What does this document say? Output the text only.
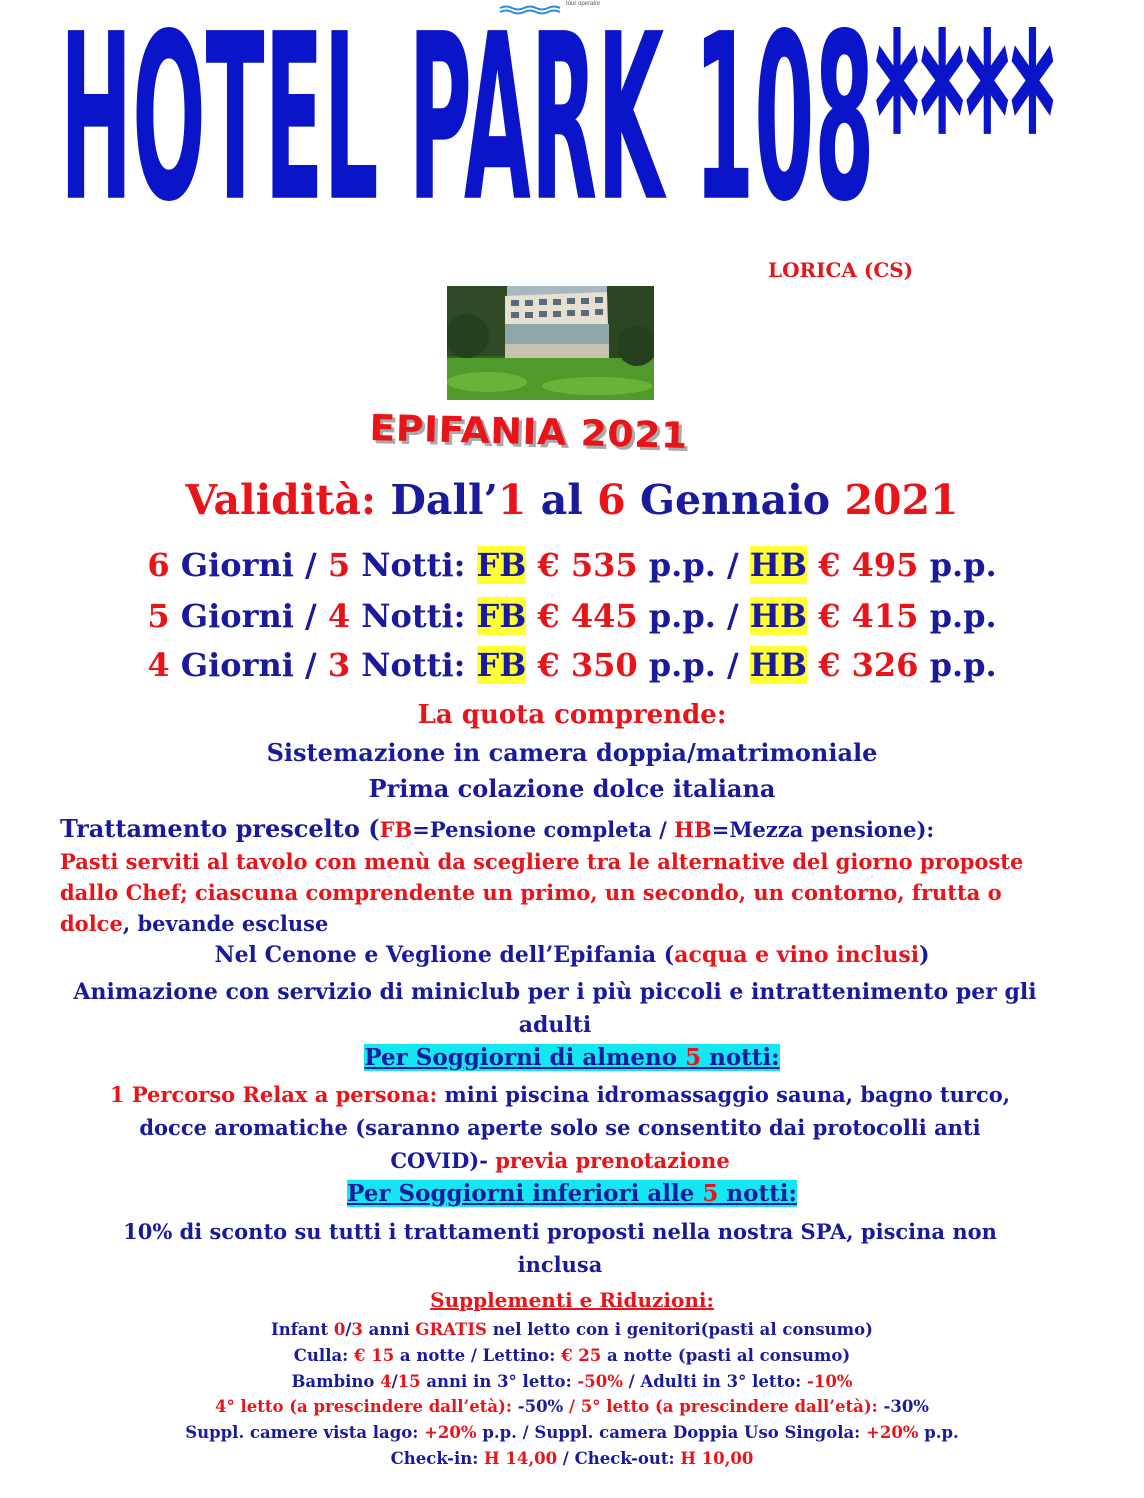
tour operator
HOTEL PARK 108****
LORICA (CS)
EPIFANIA 2021
Validità: Dall’1 al 6 Gennaio 2021
6 Giorni / 5 Notti: FB € 535 p.p. / HB € 495 p.p.
5 Giorni / 4 Notti: FB € 445 p.p. / HB € 415 p.p.
4 Giorni / 3 Notti: FB € 350 p.p. / HB € 326 p.p.
La quota comprende:
Sistemazione in camera doppia/matrimoniale
Prima colazione dolce italiana
Trattamento prescelto (FB=Pensione completa / HB=Mezza pensione):
Pasti serviti al tavolo con menù da scegliere tra le alternative del giorno proposte dallo Chef; ciascuna comprendente un primo, un secondo, un contorno, frutta o dolce, bevande escluse
Nel Cenone e Veglione dell’Epifania (acqua e vino inclusi)
Animazione con servizio di miniclub per i più piccoli e intrattenimento per gli adulti
Per Soggiorni di almeno 5 notti:
1 Percorso Relax a persona: mini piscina idromassaggio sauna, bagno turco, docce aromatiche (saranno aperte solo se consentito dai protocolli anti COVID)- previa prenotazione
Per Soggiorni inferiori alle 5 notti:
10% di sconto su tutti i trattamenti proposti nella nostra SPA, piscina non inclusa
Supplementi e Riduzioni:
Infant 0/3 anni GRATIS nel letto con i genitori(pasti al consumo)
Culla: € 15 a notte / Lettino: € 25 a notte (pasti al consumo)
Bambino 4/15 anni in 3° letto: -50% / Adulti in 3° letto: -10%
4° letto (a prescindere dall’età): -50% / 5° letto (a prescindere dall’età): -30%
Suppl. camere vista lago: +20% p.p. / Suppl. camera Doppia Uso Singola: +20% p.p.
Check-in: H 14,00 / Check-out: H 10,00
